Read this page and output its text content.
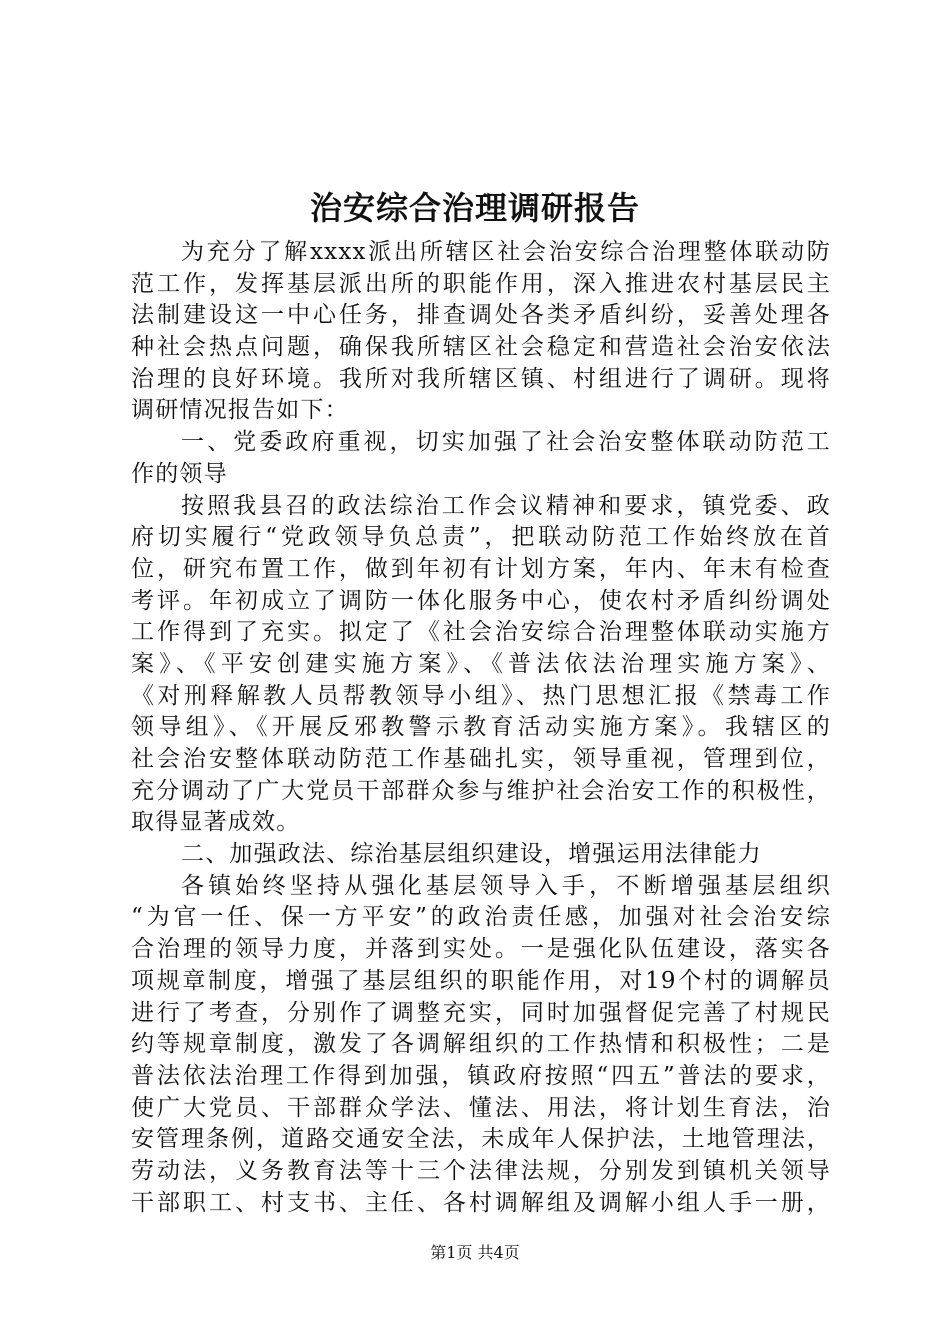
治安综合治理调研报告
为充分了解xxxx派出所辖区社会治安综合治理整体联动防
范工作，发挥基层派出所的职能作用，深入推进农村基层民主
法制建设这一中心任务，排查调处各类矛盾纠纷，妥善处理各
种社会热点问题，确保我所辖区社会稳定和营造社会治安依法
治理的良好环境。我所对我所辖区镇、村组进行了调研。现将
调研情况报告如下：
一、党委政府重视，切实加强了社会治安整体联动防范工
作的领导
按照我县召的政法综治工作会议精神和要求，镇党委、政
府切实履行“党政领导负总责”，把联动防范工作始终放在首
位，研究布置工作，做到年初有计划方案，年内、年末有检查
考评。年初成立了调防一体化服务中心，使农村矛盾纠纷调处
工作得到了充实。拟定了《社会治安综合治理整体联动实施方
案》、《平安创建实施方案》、《普法依法治理实施方案》、
《对刑释解教人员帮教领导小组》、热门思想汇报《禁毒工作
领导组》、《开展反邪教警示教育活动实施方案》。我辖区的
社会治安整体联动防范工作基础扎实，领导重视，管理到位，
充分调动了广大党员干部群众参与维护社会治安工作的积极性，
取得显著成效。
二、加强政法、综治基层组织建设，增强运用法律能力
各镇始终坚持从强化基层领导入手，不断增强基层组织
“为官一任、保一方平安”的政治责任感，加强对社会治安综
合治理的领导力度，并落到实处。一是强化队伍建设，落实各
项规章制度，增强了基层组织的职能作用，对19个村的调解员
进行了考查，分别作了调整充实，同时加强督促完善了村规民
约等规章制度，激发了各调解组织的工作热情和积极性；二是
普法依法治理工作得到加强，镇政府按照“四五”普法的要求，
使广大党员、干部群众学法、懂法、用法，将计划生育法，治
安管理条例，道路交通安全法，未成年人保护法，土地管理法，
劳动法，义务教育法等十三个法律法规，分别发到镇机关领导
干部职工、村支书、主任、各村调解组及调解小组人手一册，
第1页 共4页
